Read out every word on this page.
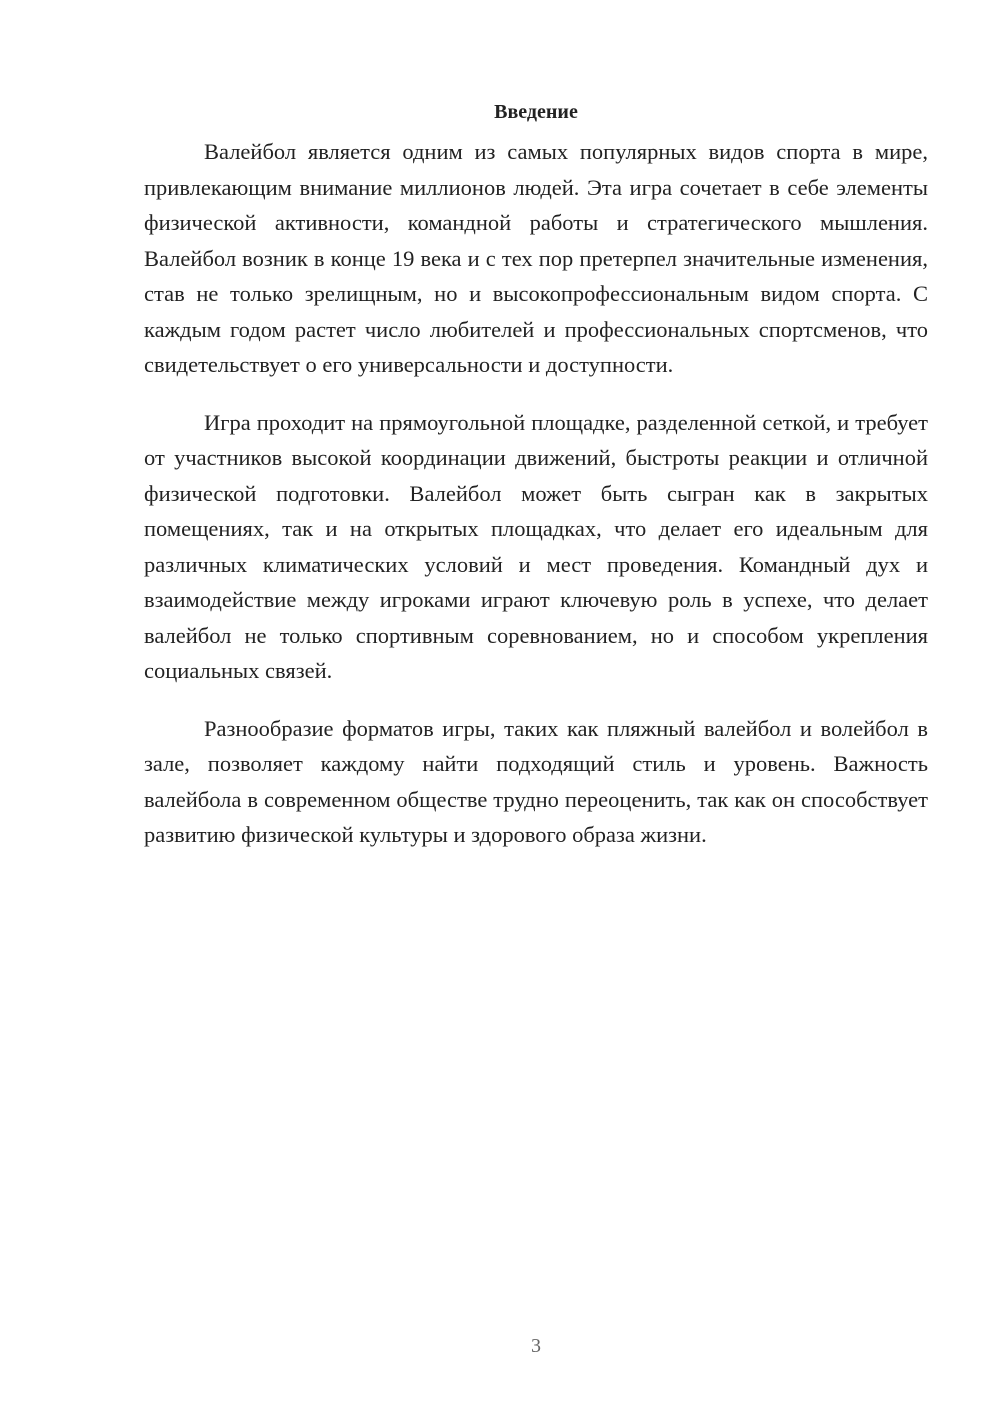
Введение

Валейбол является одним из самых популярных видов спорта в мире, привлекающим внимание миллионов людей. Эта игра сочетает в себе элементы физической активности, командной работы и стратегического мышления. Валейбол возник в конце 19 века и с тех пор претерпел значительные изменения, став не только зрелищным, но и высокопрофессиональным видом спорта. С каждым годом растет число любителей и профессиональных спортсменов, что свидетельствует о его универсальности и доступности.

Игра проходит на прямоугольной площадке, разделенной сеткой, и требует от участников высокой координации движений, быстроты реакции и отличной физической подготовки. Валейбол может быть сыгран как в закрытых помещениях, так и на открытых площадках, что делает его идеальным для различных климатических условий и мест проведения. Командный дух и взаимодействие между игроками играют ключевую роль в успехе, что делает валейбол не только спортивным соревнованием, но и способом укрепления социальных связей.

Разнообразие форматов игры, таких как пляжный валейбол и волейбол в зале, позволяет каждому найти подходящий стиль и уровень. Важность валейбола в современном обществе трудно переоценить, так как он способствует развитию физической культуры и здорового образа жизни.

3
